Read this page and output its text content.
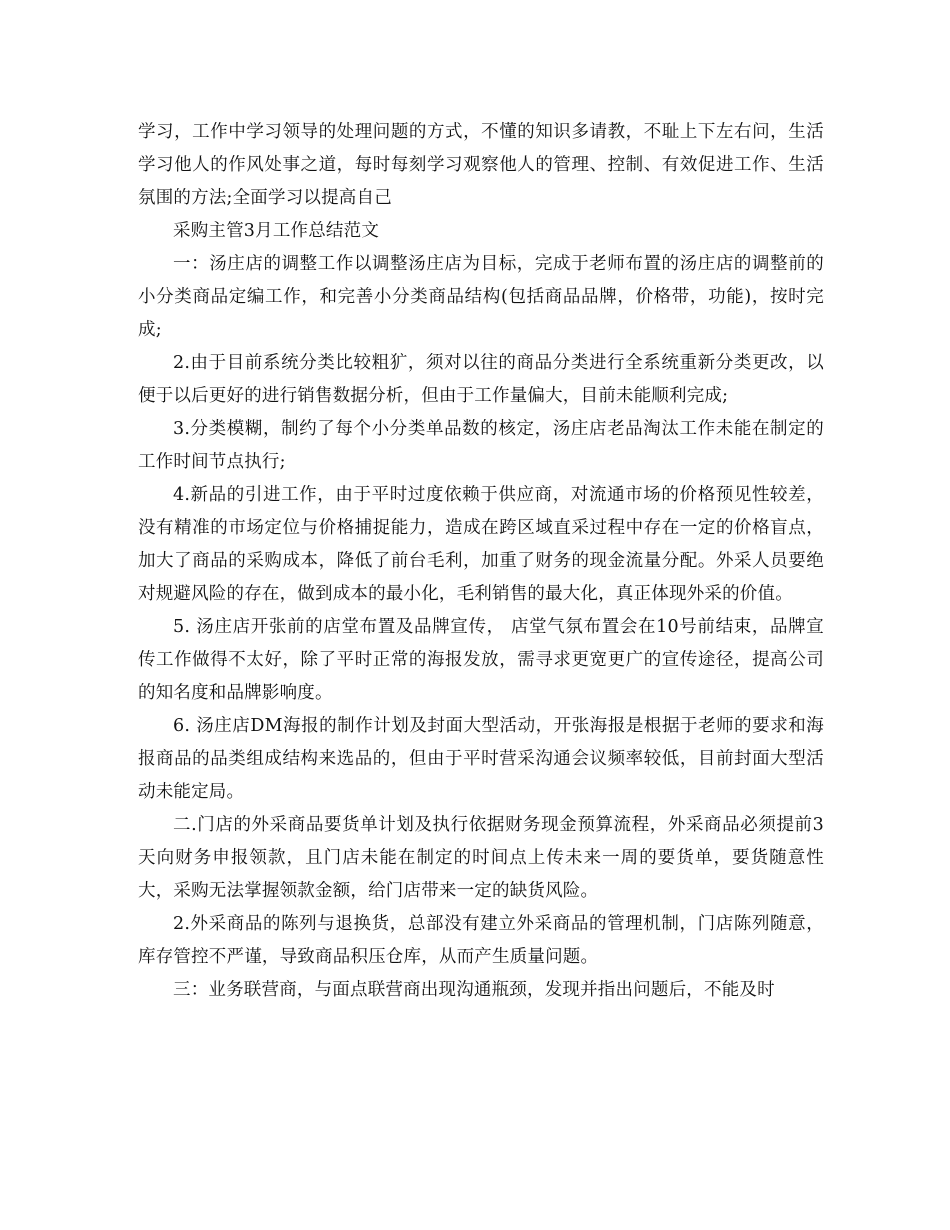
学习，工作中学习领导的处理问题的方式，不懂的知识多请教，不耻上下左右问，生活学习他人的作风处事之道，每时每刻学习观察他人的管理、控制、有效促进工作、生活氛围的方法;全面学习以提高自己

采购主管3月工作总结范文

一：汤庄店的调整工作以调整汤庄店为目标，完成于老师布置的汤庄店的调整前的小分类商品定编工作，和完善小分类商品结构(包括商品品牌，价格带，功能)，按时完成;

2.由于目前系统分类比较粗犷，须对以往的商品分类进行全系统重新分类更改，以便于以后更好的进行销售数据分析，但由于工作量偏大，目前未能顺利完成;

3.分类模糊，制约了每个小分类单品数的核定，汤庄店老品淘汰工作未能在制定的工作时间节点执行;

4.新品的引进工作，由于平时过度依赖于供应商，对流通市场的价格预见性较差，没有精准的市场定位与价格捕捉能力，造成在跨区域直采过程中存在一定的价格盲点，加大了商品的采购成本，降低了前台毛利，加重了财务的现金流量分配。外采人员要绝对规避风险的存在，做到成本的最小化，毛利销售的最大化，真正体现外采的价值。

5. 汤庄店开张前的店堂布置及品牌宣传， 店堂气氛布置会在10号前结束，品牌宣传工作做得不太好，除了平时正常的海报发放，需寻求更宽更广的宣传途径，提高公司的知名度和品牌影响度。

6. 汤庄店DM海报的制作计划及封面大型活动，开张海报是根据于老师的要求和海报商品的品类组成结构来选品的，但由于平时营采沟通会议频率较低，目前封面大型活动未能定局。

二.门店的外采商品要货单计划及执行依据财务现金预算流程，外采商品必须提前3天向财务申报领款，且门店未能在制定的时间点上传未来一周的要货单，要货随意性大，采购无法掌握领款金额，给门店带来一定的缺货风险。

2.外采商品的陈列与退换货，总部没有建立外采商品的管理机制，门店陈列随意，库存管控不严谨，导致商品积压仓库，从而产生质量问题。

三：业务联营商，与面点联营商出现沟通瓶颈，发现并指出问题后，不能及时
